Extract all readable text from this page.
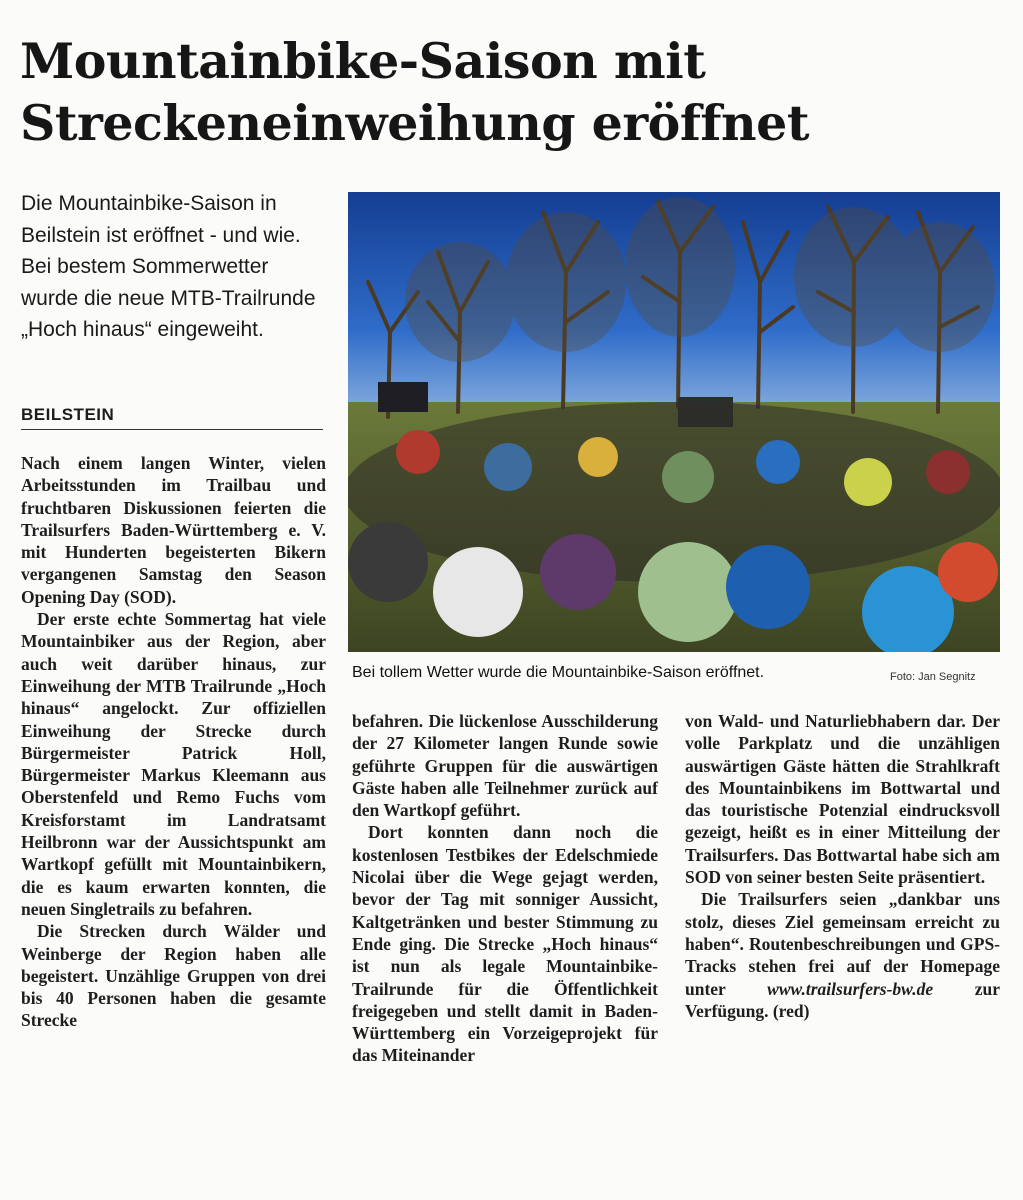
Mountainbike-Saison mit Streckeneinweihung eröffnet

Die Mountainbike-Saison in Beilstein ist eröffnet - und wie. Bei bestem Sommerwetter wurde die neue MTB-Trailrunde „Hoch hinaus“ eingeweiht.

BEILSTEIN

Nach einem langen Winter, vielen Arbeitsstunden im Trailbau und fruchtbaren Diskussionen feierten die Trailsurfers Baden-Württemberg e. V. mit Hunderten begeisterten Bikern vergangenen Samstag den Season Opening Day (SOD).

Der erste echte Sommertag hat viele Mountainbiker aus der Region, aber auch weit darüber hinaus, zur Einweihung der MTB Trailrunde „Hoch hinaus“ angelockt. Zur offiziellen Einweihung der Strecke durch Bürgermeister Patrick Holl, Bürgermeister Markus Kleemann aus Oberstenfeld und Remo Fuchs vom Kreisforstamt im Landratsamt Heilbronn war der Aussichtspunkt am Wartkopf gefüllt mit Mountainbikern, die es kaum erwarten konnten, die neuen Singletrails zu befahren.

Die Strecken durch Wälder und Weinberge der Region haben alle begeistert. Unzählige Gruppen von drei bis 40 Personen haben die gesamte Strecke

Bei tollem Wetter wurde die Mountainbike-Saison eröffnet.	Foto: Jan Segnitz

befahren. Die lückenlose Ausschilderung der 27 Kilometer langen Runde sowie geführte Gruppen für die auswärtigen Gäste haben alle Teilnehmer zurück auf den Wartkopf geführt.

Dort konnten dann noch die kostenlosen Testbikes der Edelschmiede Nicolai über die Wege gejagt werden, bevor der Tag mit sonniger Aussicht, Kaltgetränken und bester Stimmung zu Ende ging. Die Strecke „Hoch hinaus“ ist nun als legale Mountainbike-Trailrunde für die Öffentlichkeit freigegeben und stellt damit in Baden-Württemberg ein Vorzeigeprojekt für das Miteinander

von Wald- und Naturliebhabern dar. Der volle Parkplatz und die unzähligen auswärtigen Gäste hätten die Strahlkraft des Mountainbikens im Bottwartal und das touristische Potenzial eindrucksvoll gezeigt, heißt es in einer Mitteilung der Trailsurfers. Das Bottwartal habe sich am SOD von seiner besten Seite präsentiert.

Die Trailsurfers seien „dankbar uns stolz, dieses Ziel gemeinsam erreicht zu haben“. Routenbeschreibungen und GPS-Tracks stehen frei auf der Homepage unter www.trailsurfers-bw.de zur Verfügung. (red)
